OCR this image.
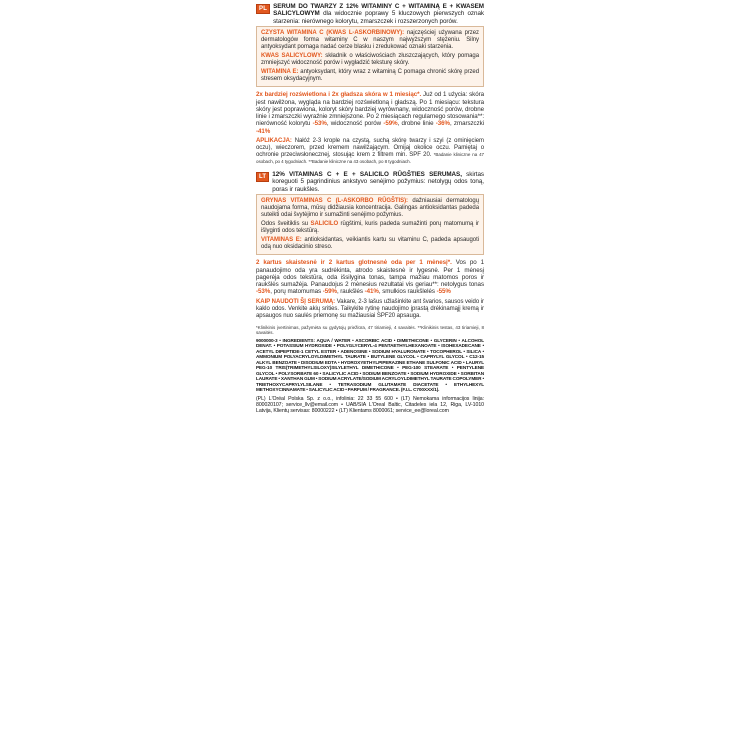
PL SERUM DO TWARZY Z 12% WITAMINY C + WITAMINĄ E + KWASEM SALICYLOWYM dla widocznie poprawy 5 kluczowych pierwszych oznak starzenia: nierównego kolorytu, zmarszczek i rozszerzonych porów.

CZYSTA WITAMINA C (KWAS L-ASKORBINOWY): najczęściej używana przez dermatologów forma witaminy C w naszym najwyższym stężeniu. Silny antyoksydant pomaga nadać cerze blasku i zredukować oznaki starzenia.

KWAS SALICYLOWY: składnik o właściwościach złuszczających, który pomaga zmniejszyć widoczność porów i wygładzić teksturę skóry.

WITAMINA E: antyoksydant, który wraz z witaminą C pomaga chronić skórę przed stresem oksydacyjnym.

2x bardziej rozświetlona i 2x gładsza skóra w 1 miesiąc*. Już od 1 użycia: skóra jest nawilżona, wygląda na bardziej rozświetloną i gładszą. Po 1 miesiącu: tekstura skóry jest poprawiona, koloryt skóry bardziej wyrównany, widoczność porów, drobne linie i zmarszczki wyraźnie zmniejszone. Po 2 miesiącach regularnego stosowania**: nierówność kolorytu -53%, widoczność porów -59%, drobne linie -36%, zmarszczki -41%

APLIKACJA: Nałóż 2-3 krople na czystą, suchą skórę twarzy i szyi (z ominięciem oczu), wieczorem, przed kremem nawilżającym. Omijaj okolice oczu. Pamiętaj o ochronie przeciwsłonecznej, stosując krem z filtrem min. SPF 20. *Badanie kliniczne na 47 osobach, po 4 tygodniach. **Badanie kliniczne na 43 osobach, po 8 tygodniach.

LT 12% VITAMINAS C + E + SALICILO RŪGŠTIES SERUMAS, skirtas koreguoti 5 pagrindinius ankstyvo senėjimo požymius: netolygų odos toną, poras ir raukšles.

GRYNAS VITAMINAS C (L-ASKORBO RŪGŠTIS): dažniausiai dermatologų naudojama forma, mūsų didžiausia koncentracija. Galingas antioksidantas padeda suteikti odai švytėjimo ir sumažinti senėjimo požymius.

Odos šveitiklis su SALICILO rūgštimi, kuris padeda sumažinti porų matomumą ir išlyginti odos tekstūrą.

VITAMINAS E: antioksidantas, veikiantis kartu su vitaminu C, padeda apsaugoti odą nuo oksidacinio streso.

2 kartus skaistesnė ir 2 kartus glotnesnė oda per 1 mėnesį*. Vos po 1 panaudojimo oda yra sudrėkinta, atrodo skaistesnė ir lygesnė. Per 1 mėnesį pagerėja odos tekstūra, oda išsilygina tonas, tampa mažiau matomos poros ir raukšlės sumažėja. Panaudojus 2 mėnesius rezultatai vis geriau**: netolygus tonas -53%, porų matomumas -59%, raukšlės -41%, smulkios raukšlelės -55%

KAIP NAUDOTI ŠĮ SERUMĄ: Vakare, 2-3 lašus užlašinkite ant švarios, sausos veido ir kaklo odos. Venkite akių srities. Taikykite rytinę naudojimo įprastą drėkinamąjį kremą ir apsaugos nuo saulės priemonę su mažiausiai SPF20 apsauga.

*Klinikinis įvertinimas, pažymėta su gydytojų priežiūra, 47 tiriamieji, 4 savaitės. **Klinikinis testas, 43 tiriamieji, 8 savaitės.

9000000-3 • INGREDIENTS: AQUA / WATER • ASCORBIC ACID • DIMETHICONE • GLYCERIN • ALCOHOL DENAT. • POTASSIUM HYDROXIDE • POLYGLYCERYL-4 PENTAETHYLHEXANOATE • ISOHEXADECANE • ACETYL DIPEPTIDE-1 CETYL ESTER • ADENOSINE • SODIUM HYALURONATE • TOCOPHEROL • SILICA • AMMONIUM POLYACRYLOYLDIMETHYL TAURATE • BUTYLENE GLYCOL • CAPRYLYL GLYCOL • C12-15 ALKYL BENZOATE • DISODIUM EDTA • HYDROXYETHYLPIPERAZINE ETHANE SULFONIC ACID • LAURYL PEG-10 TRIS(TRIMETHYLSILOXY)SILYLETHYL DIMETHICONE • PEG-100 STEARATE • PENTYLENE GLYCOL • POLYSORBATE 60 • SALICYLIC ACID • SODIUM BENZOATE • SODIUM HYDROXIDE • SORBITAN LAURATE • XANTHAN GUM • SODIUM ACRYLATE/SODIUM ACRYLOYLDIMETHYL TAURATE COPOLYMER • TRIETHOXYCAPRYLYLSILANE • TETRASODIUM GLUTAMATE DIACETATE • ETHYLHEXYL METHOXYCINNAMATE • SALICYLIC ACID • PARFUM / FRAGRANCE. (F.I.L. C700XXX/1).

(PL) L'Oréal Polska Sp. z o.o., infolinia: 22 33 55 600 • (LT) Nemokama informacijos linija: 800020107; service_llv@email.com • UAB/SIA L'Oreal Baltic, Citadeles iela 12, Riga, LV-1010 Latvija, Klientų servisas: 80000222 • (LT) Klientams 8000061; service_ee@loreal.com
